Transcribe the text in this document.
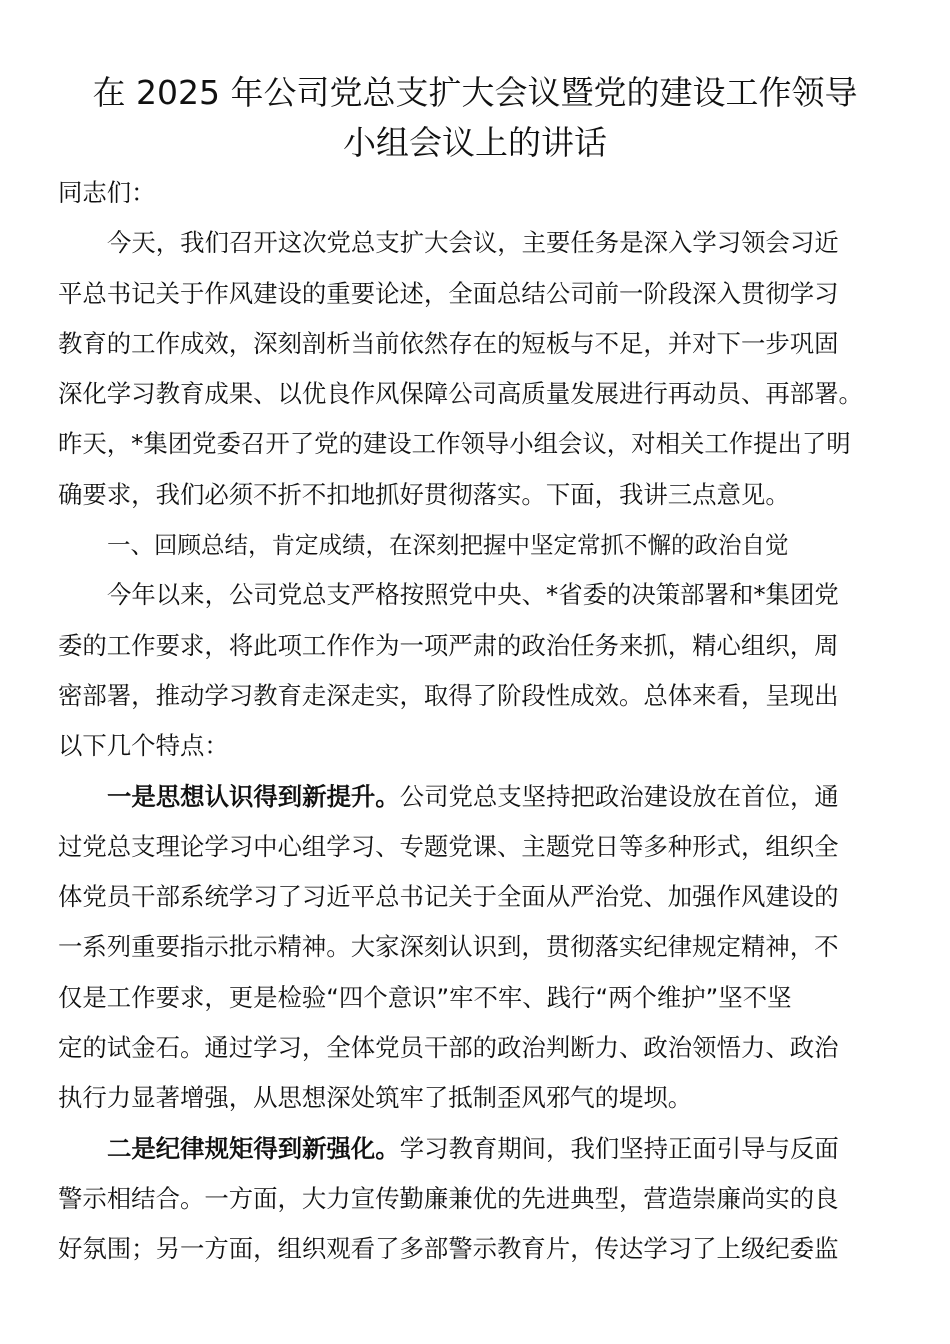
在 2025 年公司党总支扩大会议暨党的建设工作领导
小组会议上的讲话
同志们：
今天，我们召开这次党总支扩大会议，主要任务是深入学习领会习近
平总书记关于作风建设的重要论述，全面总结公司前一阶段深入贯彻学习
教育的工作成效，深刻剖析当前依然存在的短板与不足，并对下一步巩固
深化学习教育成果、以优良作风保障公司高质量发展进行再动员、再部署。
昨天，*集团党委召开了党的建设工作领导小组会议，对相关工作提出了明
确要求，我们必须不折不扣地抓好贯彻落实。下面，我讲三点意见。
一、回顾总结，肯定成绩，在深刻把握中坚定常抓不懈的政治自觉
今年以来，公司党总支严格按照党中央、*省委的决策部署和*集团党
委的工作要求，将此项工作作为一项严肃的政治任务来抓，精心组织，周
密部署，推动学习教育走深走实，取得了阶段性成效。总体来看，呈现出
以下几个特点：
一是思想认识得到新提升。公司党总支坚持把政治建设放在首位，通
过党总支理论学习中心组学习、专题党课、主题党日等多种形式，组织全
体党员干部系统学习了习近平总书记关于全面从严治党、加强作风建设的
一系列重要指示批示精神。大家深刻认识到，贯彻落实纪律规定精神，不
仅是工作要求，更是检验“四个意识”牢不牢、践行“两个维护”坚不坚
定的试金石。通过学习，全体党员干部的政治判断力、政治领悟力、政治
执行力显著增强，从思想深处筑牢了抵制歪风邪气的堤坝。
二是纪律规矩得到新强化。学习教育期间，我们坚持正面引导与反面
警示相结合。一方面，大力宣传勤廉兼优的先进典型，营造崇廉尚实的良
好氛围；另一方面，组织观看了多部警示教育片，传达学习了上级纪委监
